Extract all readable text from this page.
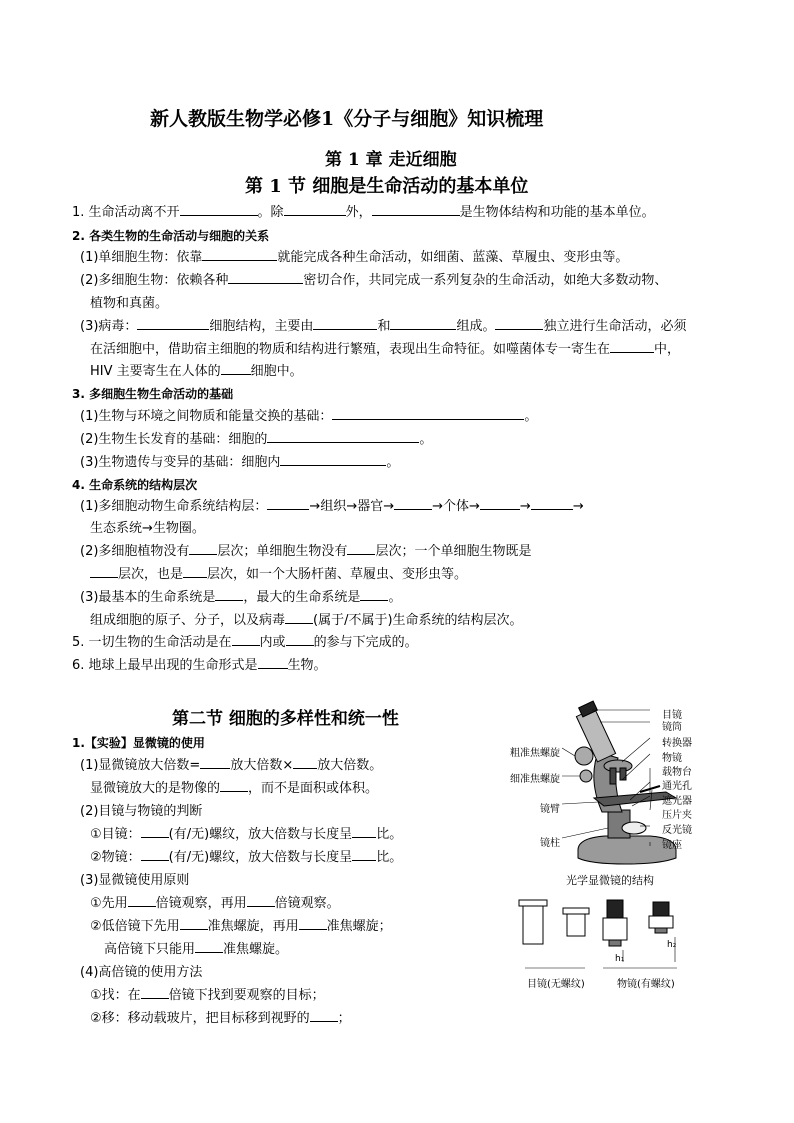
新人教版生物学必修1《分子与细胞》知识梳理
第 1 章 走近细胞
第 1 节 细胞是生命活动的基本单位
1. 生命活动离不开	。除	外，	是生物体结构和功能的基本单位。
2. 各类生物的生命活动与细胞的关系
(1)单细胞生物：依靠	就能完成各种生命活动，如细菌、蓝藻、草履虫、变形虫等。
(2)多细胞生物：依赖各种	密切合作，共同完成一系列复杂的生命活动，如绝大多数动物、
植物和真菌。
(3)病毒：	细胞结构，主要由	和	组成。	独立进行生命活动，必须
在活细胞中，借助宿主细胞的物质和结构进行繁殖，表现出生命特征。如噬菌体专一寄生在	中，
HIV 主要寄生在人体的 细胞中。
3. 多细胞生物生命活动的基础
(1)生物与环境之间物质和能量交换的基础：	。
(2)生物生长发育的基础：细胞的	。
(3)生物遗传与变异的基础：细胞内	。
4. 生命系统的结构层次
(1)多细胞动物生命系统结构层：	→组织→器官→	→个体→	→	→
生态系统→生物圈。
(2)多细胞植物没有 层次；单细胞生物没有 层次；一个单细胞生物既是
层次，也是 层次，如一个大肠杆菌、草履虫、变形虫等。
(3)最基本的生命系统是 ，最大的生命系统是 。
组成细胞的原子、分子，以及病毒 (属于/不属于)生命系统的结构层次。
5. 一切生物的生命活动是在 内或 的参与下完成的。
6. 地球上最早出现的生命形式是 生物。
第二节 细胞的多样性和统一性
1.【实验】显微镜的使用
(1)显微镜放大倍数= 放大倍数× 放大倍数。
显微镜放大的是物像的 ，而不是面积或体积。
(2)目镜与物镜的判断
①目镜： (有/无)螺纹，放大倍数与长度呈 比。
②物镜： (有/无)螺纹，放大倍数与长度呈 比。
(3)显微镜使用原则
①先用 倍镜观察，再用 倍镜观察。
②低倍镜下先用 准焦螺旋，再用 准焦螺旋；
高倍镜下只能用 准焦螺旋。
(4)高倍镜的使用方法
①找：在 倍镜下找到要观察的目标；
②移：移动载玻片，把目标移到视野的 ；
目镜
镜筒
转换器
物镜
载物台
通光孔
遮光器
压片夹
反光镜
镜座
粗准焦螺旋
细准焦螺旋
镜臂
镜柱
光学显微镜的结构
h₁
h₂
目镜(无螺纹)	物镜(有螺纹)
